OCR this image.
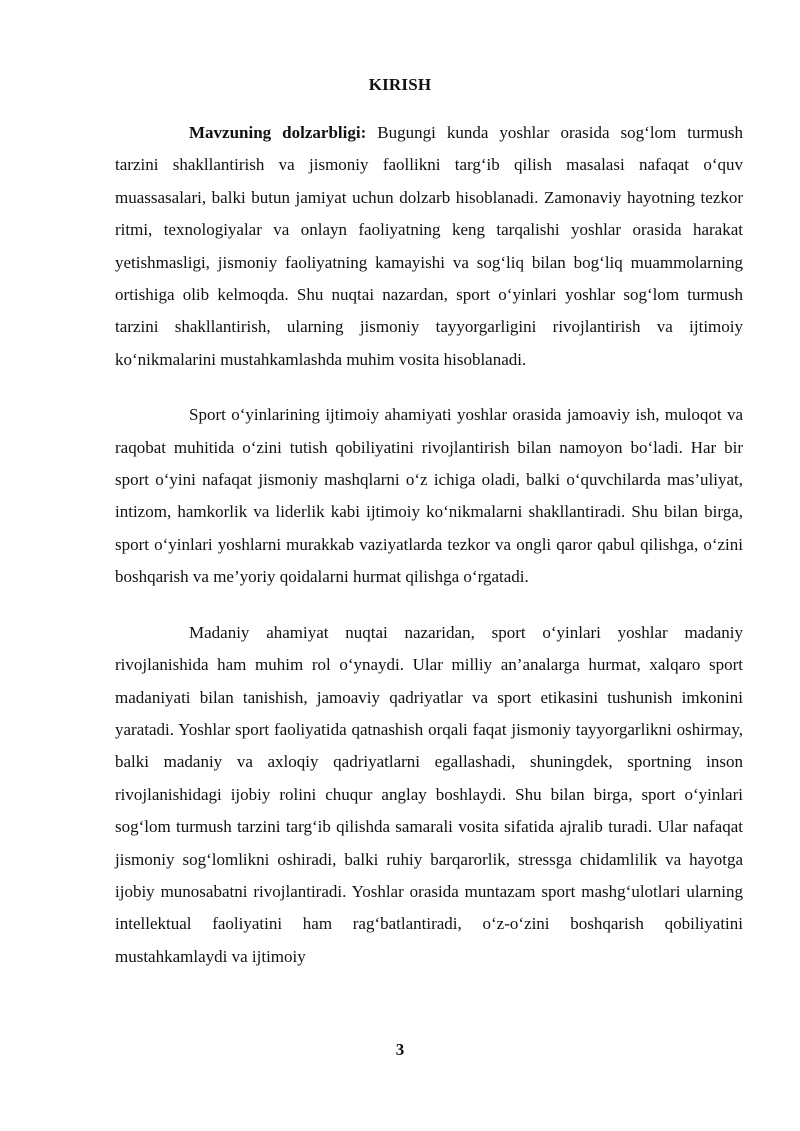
KIRISH

Mavzuning dolzarbligi: Bugungi kunda yoshlar orasida sog‘lom turmush tarzini shakllantirish va jismoniy faollikni targ‘ib qilish masalasi nafaqat o‘quv muassasalari, balki butun jamiyat uchun dolzarb hisoblanadi. Zamonaviy hayotning tezkor ritmi, texnologiyalar va onlayn faoliyatning keng tarqalishi yoshlar orasida harakat yetishmasligi, jismoniy faoliyatning kamayishi va sog‘liq bilan bog‘liq muammolarning ortishiga olib kelmoqda. Shu nuqtai nazardan, sport o‘yinlari yoshlar sog‘lom turmush tarzini shakllantirish, ularning jismoniy tayyorgarligini rivojlantirish va ijtimoiy ko‘nikmalarini mustahkamlashda muhim vosita hisoblanadi.

Sport o‘yinlarining ijtimoiy ahamiyati yoshlar orasida jamoaviy ish, muloqot va raqobat muhitida o‘zini tutish qobiliyatini rivojlantirish bilan namoyon bo‘ladi. Har bir sport o‘yini nafaqat jismoniy mashqlarni o‘z ichiga oladi, balki o‘quvchilarda mas’uliyat, intizom, hamkorlik va liderlik kabi ijtimoiy ko‘nikmalarni shakllantiradi. Shu bilan birga, sport o‘yinlari yoshlarni murakkab vaziyatlarda tezkor va ongli qaror qabul qilishga, o‘zini boshqarish va me’yoriy qoidalarni hurmat qilishga o‘rgatadi.

Madaniy ahamiyat nuqtai nazaridan, sport o‘yinlari yoshlar madaniy rivojlanishida ham muhim rol o‘ynaydi. Ular milliy an’analarga hurmat, xalqaro sport madaniyati bilan tanishish, jamoaviy qadriyatlar va sport etikasini tushunish imkonini yaratadi. Yoshlar sport faoliyatida qatnashish orqali faqat jismoniy tayyorgarlikni oshirmay, balki madaniy va axloqiy qadriyatlarni egallashadi, shuningdek, sportning inson rivojlanishidagi ijobiy rolini chuqur anglay boshlaydi. Shu bilan birga, sport o‘yinlari sog‘lom turmush tarzini targ‘ib qilishda samarali vosita sifatida ajralib turadi. Ular nafaqat jismoniy sog‘lomlikni oshiradi, balki ruhiy barqarorlik, stressga chidamlilik va hayotga ijobiy munosabatni rivojlantiradi. Yoshlar orasida muntazam sport mashg‘ulotlari ularning intellektual faoliyatini ham rag‘batlantiradi, o‘z-o‘zini boshqarish qobiliyatini mustahkamlaydi va ijtimoiy

3
